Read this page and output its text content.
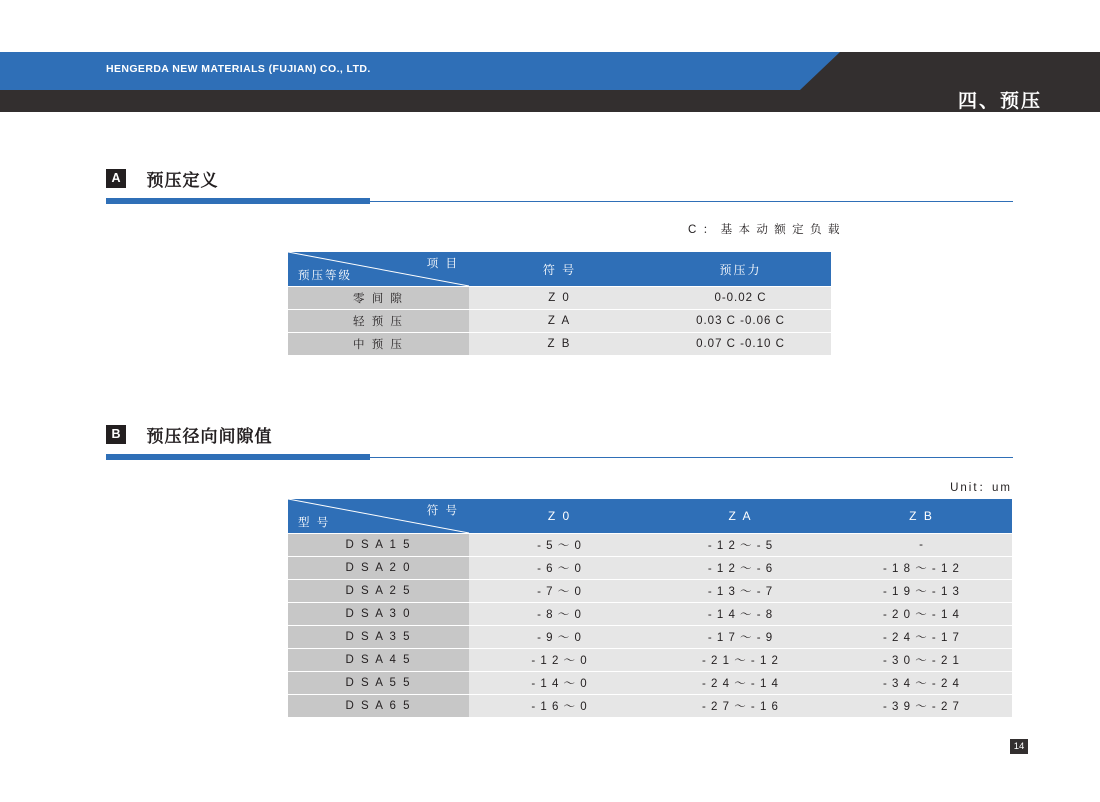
HENGERDA NEW MATERIALS (FUJIAN) CO., LTD.
四、预压
A 预压定义
C ： 基 本 动 额 定 负 载
项 目
预压等级	符 号	预压力

零 间 隙	Z 0	0-0.02 C

轻 预 压	Z A	0.03 C -0.06 C

中 预 压	Z B	0.07 C -0.10 C
B 预压径向间隙值
Unit：um
符 号
型 号	Z 0	Z A	Z B

D S A 1 5	- 5 ～ 0	- 1 2 ～ - 5	-

D S A 2 0	- 6 ～ 0	- 1 2 ～ - 6	- 1 8 ～ - 1 2

D S A 2 5	- 7 ～ 0	- 1 3 ～ - 7	- 1 9 ～ - 1 3

D S A 3 0	- 8 ～ 0	- 1 4 ～ - 8	- 2 0 ～ - 1 4

D S A 3 5	- 9 ～ 0	- 1 7 ～ - 9	- 2 4 ～ - 1 7

D S A 4 5	- 1 2 ～ 0	- 2 1 ～ - 1 2	- 3 0 ～ - 2 1

D S A 5 5	- 1 4 ～ 0	- 2 4 ～ - 1 4	- 3 4 ～ - 2 4

D S A 6 5	- 1 6 ～ 0	- 2 7 ～ - 1 6	- 3 9 ～ - 2 7
14
